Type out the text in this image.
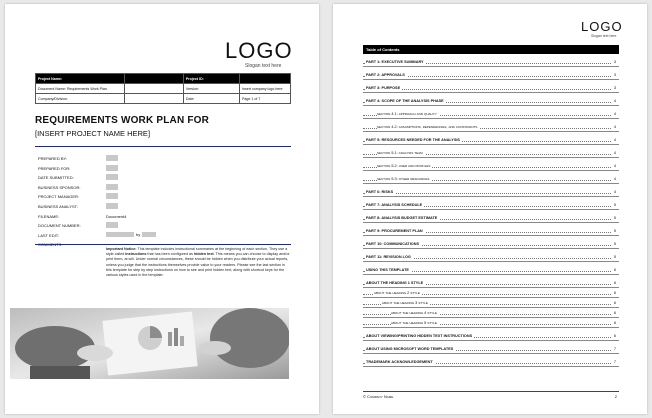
LOGO
Slogan text here
Project Name:		Project ID:	
Document Name: Requirements Work Plan		Version:	Insert company logo here
Company/Division:		Date:	Page 1 of 7
REQUIREMENTS WORK PLAN FOR
[INSERT PROJECT NAME HERE]
PREPARED BY:
PREPARED FOR:
DATE SUBMITTED:
BUSINESS SPONSOR:
PROJECT MANAGER:
BUSINESS ANALYST:
FILENAME:	Document4
DOCUMENT NUMBER:
LAST EDIT:	by
Important Notice: This template includes instructional summaries at the beginning of each section. They use a style called instructions that has been configured as hidden text. This means you can choose to display and/or print them, at will. Under normal circumstances, these should be hidden when you distribute your actual reports, unless you judge that the instructions themselves provide value to your readers. Please see the last section in this template for step by step instructions on how to see and print hidden text, along with shortcut keys for the various styles used in the template.
LOGO
Slogan text here
Table of Contents
PART 1: EXECUTIVE SUMMARY	3
PART 2: APPROVALS	3
PART 3: PURPOSE	3
PART 4: SCOPE OF THE ANALYSIS PHASE	4
section 4.1: approach and quality	4
section 4.2: assumptions, dependencies, and constraints	4
PART 5: RESOURCES NEEDED FOR THE ANALYSIS	4
section 5.1: analysis team	4
section 5.2: user and profiles	4
section 5.3: other resources	4
PART 6: RISKS	4
PART 7: ANALYSIS SCHEDULE	5
PART 8: ANALYSIS BUDGET ESTIMATE	5
PART 9: PROCUREMENT PLAN	5
PART 10: COMMUNICATIONS	5
PART 11: REVISION LOG	5
USING THIS TEMPLATE	6
ABOUT THE HEADING 1 STYLE	6
about the heading 2 style	6
about the heading 3 style	6
about the heading 4 style	6
about the heading 5 style	6
ABOUT VIEWING/PRINTING HIDDEN TEXT INSTRUCTIONS	6
ABOUT USING MICROSOFT WORD TEMPLATES	7
TRADEMARK ACKNOWLEDGEMENT	7
© Company Name	2
